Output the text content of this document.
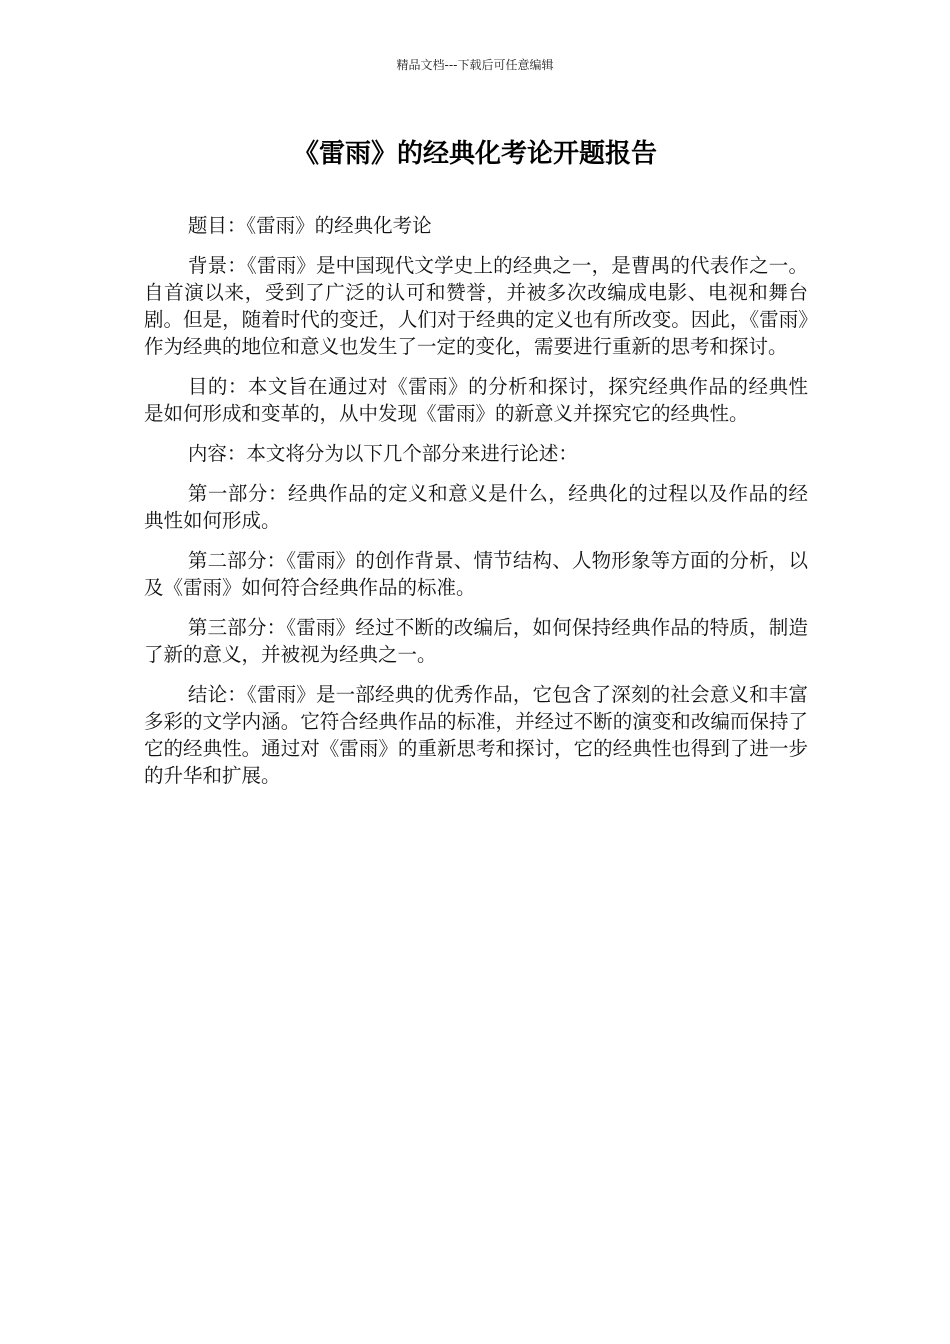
精品文档---下载后可任意编辑
《雷雨》的经典化考论开题报告

题目：《雷雨》的经典化考论

背景：《雷雨》是中国现代文学史上的经典之一，是曹禺的代表作之一。自首演以来，受到了广泛的认可和赞誉，并被多次改编成电影、电视和舞台剧。但是，随着时代的变迁，人们对于经典的定义也有所改变。因此，《雷雨》作为经典的地位和意义也发生了一定的变化，需要进行重新的思考和探讨。

目的：本文旨在通过对《雷雨》的分析和探讨，探究经典作品的经典性是如何形成和变革的，从中发现《雷雨》的新意义并探究它的经典性。

内容：本文将分为以下几个部分来进行论述：

第一部分：经典作品的定义和意义是什么，经典化的过程以及作品的经典性如何形成。

第二部分：《雷雨》的创作背景、情节结构、人物形象等方面的分析，以及《雷雨》如何符合经典作品的标准。

第三部分：《雷雨》经过不断的改编后，如何保持经典作品的特质，制造了新的意义，并被视为经典之一。

结论：《雷雨》是一部经典的优秀作品，它包含了深刻的社会意义和丰富多彩的文学内涵。它符合经典作品的标准，并经过不断的演变和改编而保持了它的经典性。通过对《雷雨》的重新思考和探讨，它的经典性也得到了进一步的升华和扩展。
